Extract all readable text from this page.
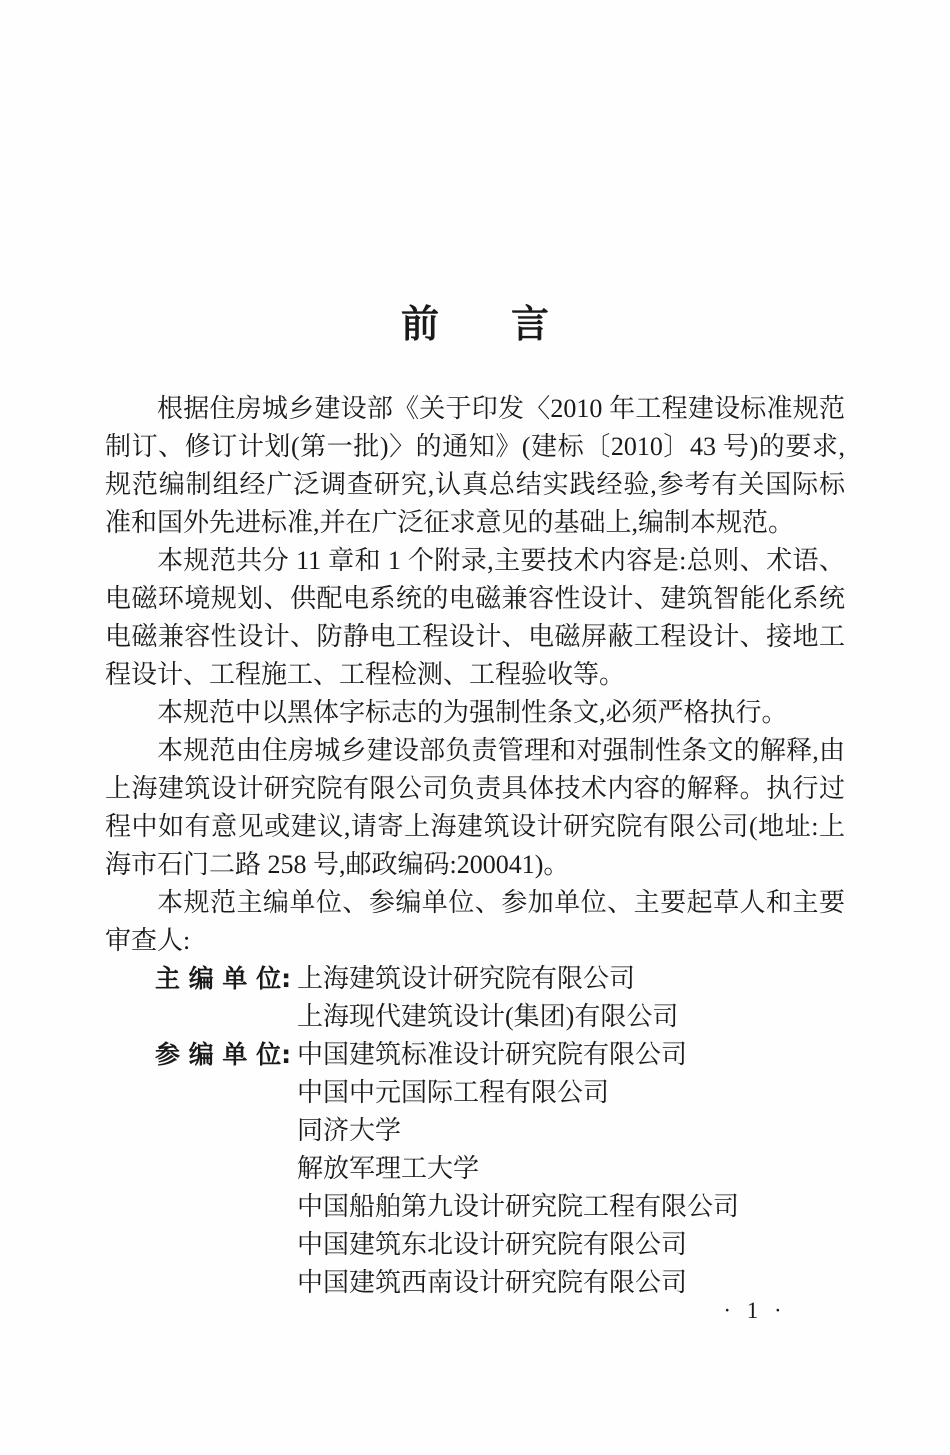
前 言

根据住房城乡建设部《关于印发〈2010 年工程建设标准规范制订、修订计划(第一批)〉的通知》(建标〔2010〕43 号)的要求,规范编制组经广泛调查研究,认真总结实践经验,参考有关国际标准和国外先进标准,并在广泛征求意见的基础上,编制本规范。

本规范共分 11 章和 1 个附录,主要技术内容是:总则、术语、电磁环境规划、供配电系统的电磁兼容性设计、建筑智能化系统电磁兼容性设计、防静电工程设计、电磁屏蔽工程设计、接地工程设计、工程施工、工程检测、工程验收等。

本规范中以黑体字标志的为强制性条文,必须严格执行。

本规范由住房城乡建设部负责管理和对强制性条文的解释,由上海建筑设计研究院有限公司负责具体技术内容的解释。执行过程中如有意见或建议,请寄上海建筑设计研究院有限公司(地址:上海市石门二路 258 号,邮政编码:200041)。

本规范主编单位、参编单位、参加单位、主要起草人和主要审查人:

主 编 单 位: 上海建筑设计研究院有限公司
上海现代建筑设计(集团)有限公司
参 编 单 位: 中国建筑标准设计研究院有限公司
中国中元国际工程有限公司
同济大学
解放军理工大学
中国船舶第九设计研究院工程有限公司
中国建筑东北设计研究院有限公司
中国建筑西南设计研究院有限公司
· 1 ·
